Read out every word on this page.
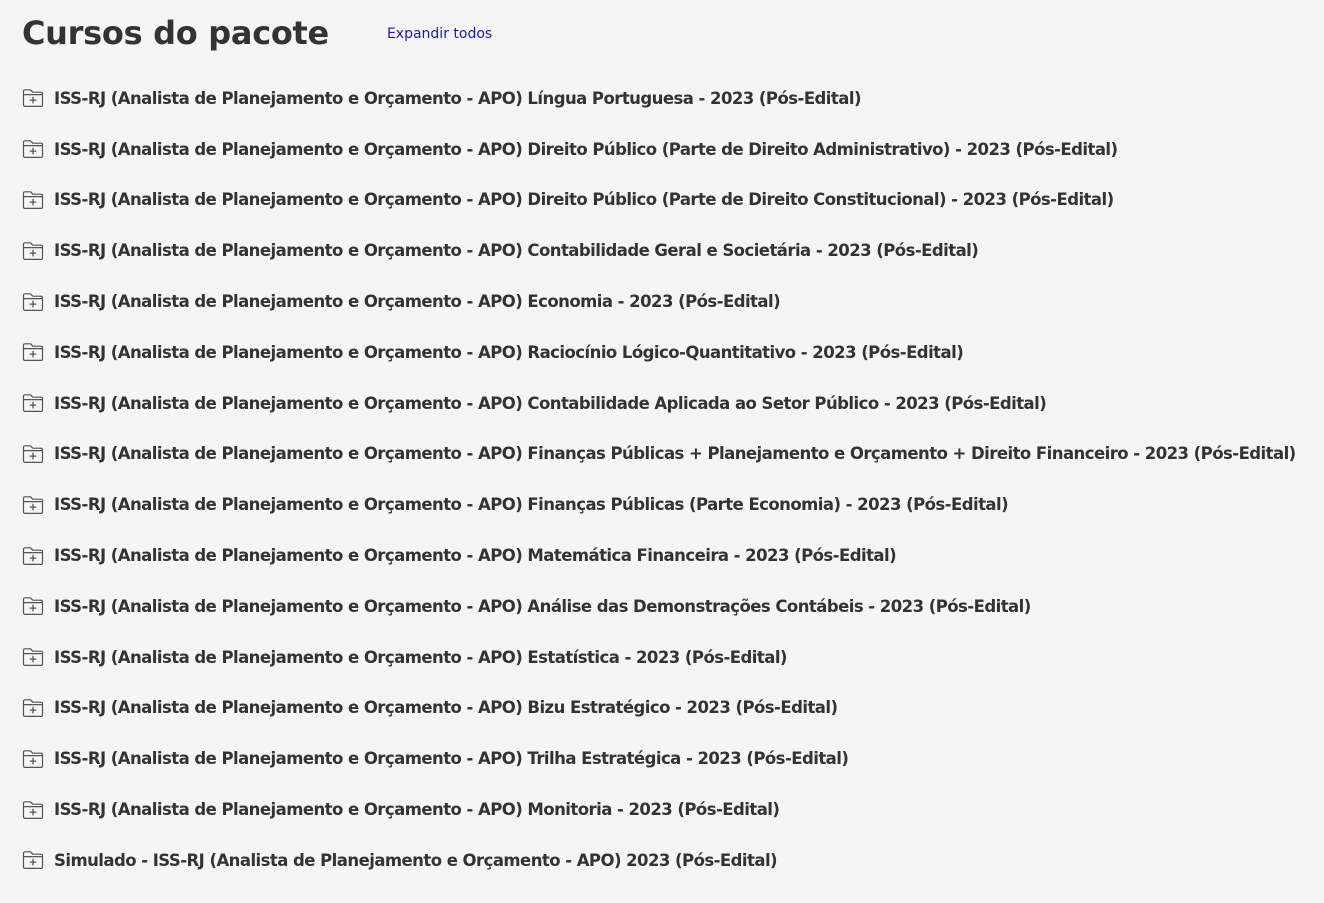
Cursos do pacote	Expandir todos
ISS-RJ (Analista de Planejamento e Orçamento - APO) Língua Portuguesa - 2023 (Pós-Edital)
ISS-RJ (Analista de Planejamento e Orçamento - APO) Direito Público (Parte de Direito Administrativo) - 2023 (Pós-Edital)
ISS-RJ (Analista de Planejamento e Orçamento - APO) Direito Público (Parte de Direito Constitucional) - 2023 (Pós-Edital)
ISS-RJ (Analista de Planejamento e Orçamento - APO) Contabilidade Geral e Societária - 2023 (Pós-Edital)
ISS-RJ (Analista de Planejamento e Orçamento - APO) Economia - 2023 (Pós-Edital)
ISS-RJ (Analista de Planejamento e Orçamento - APO) Raciocínio Lógico-Quantitativo - 2023 (Pós-Edital)
ISS-RJ (Analista de Planejamento e Orçamento - APO) Contabilidade Aplicada ao Setor Público - 2023 (Pós-Edital)
ISS-RJ (Analista de Planejamento e Orçamento - APO) Finanças Públicas + Planejamento e Orçamento + Direito Financeiro - 2023 (Pós-Edital)
ISS-RJ (Analista de Planejamento e Orçamento - APO) Finanças Públicas (Parte Economia) - 2023 (Pós-Edital)
ISS-RJ (Analista de Planejamento e Orçamento - APO) Matemática Financeira - 2023 (Pós-Edital)
ISS-RJ (Analista de Planejamento e Orçamento - APO) Análise das Demonstrações Contábeis - 2023 (Pós-Edital)
ISS-RJ (Analista de Planejamento e Orçamento - APO) Estatística - 2023 (Pós-Edital)
ISS-RJ (Analista de Planejamento e Orçamento - APO) Bizu Estratégico - 2023 (Pós-Edital)
ISS-RJ (Analista de Planejamento e Orçamento - APO) Trilha Estratégica - 2023 (Pós-Edital)
ISS-RJ (Analista de Planejamento e Orçamento - APO) Monitoria - 2023 (Pós-Edital)
Simulado - ISS-RJ (Analista de Planejamento e Orçamento - APO) 2023 (Pós-Edital)
